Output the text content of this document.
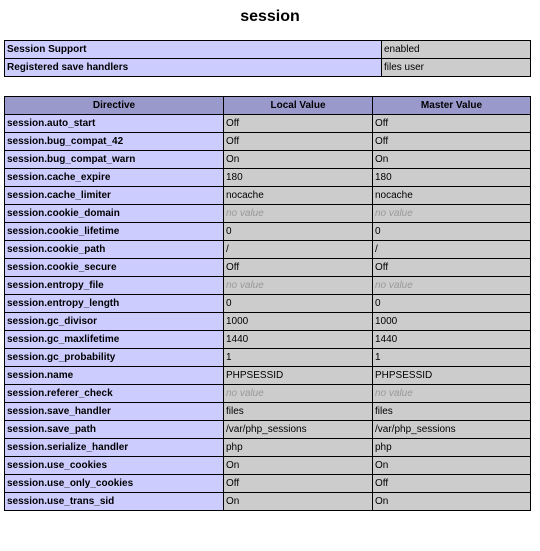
session
Session Support	enabled
Registered save handlers	files user
Directive	Local Value	Master Value
session.auto_start	Off	Off
session.bug_compat_42	Off	Off
session.bug_compat_warn	On	On
session.cache_expire	180	180
session.cache_limiter	nocache	nocache
session.cookie_domain	no value	no value
session.cookie_lifetime	0	0
session.cookie_path	/	/
session.cookie_secure	Off	Off
session.entropy_file	no value	no value
session.entropy_length	0	0
session.gc_divisor	1000	1000
session.gc_maxlifetime	1440	1440
session.gc_probability	1	1
session.name	PHPSESSID	PHPSESSID
session.referer_check	no value	no value
session.save_handler	files	files
session.save_path	/var/php_sessions	/var/php_sessions
session.serialize_handler	php	php
session.use_cookies	On	On
session.use_only_cookies	Off	Off
session.use_trans_sid	On	On
